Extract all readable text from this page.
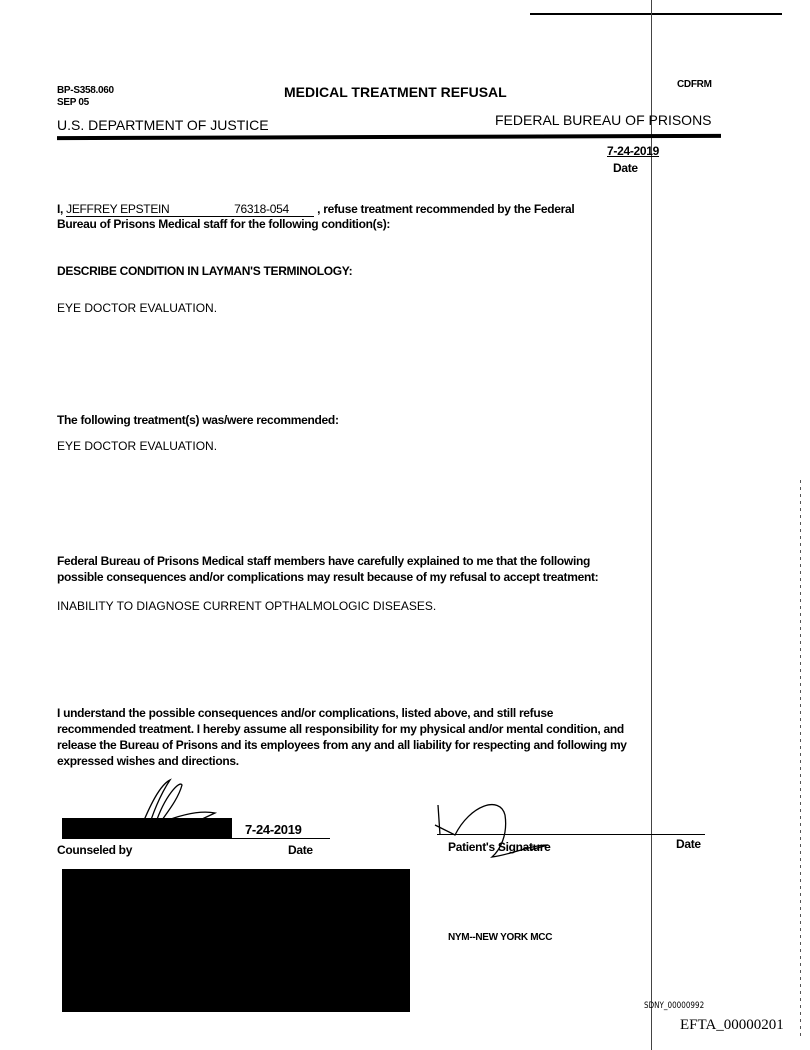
BP-S358.060
SEP 05
MEDICAL TREATMENT REFUSAL	CDFRM
U.S. DEPARTMENT OF JUSTICE	FEDERAL BUREAU OF PRISONS
7-24-2019
Date
I, JEFFREY EPSTEIN	76318-054 , refuse treatment recommended by the Federal
Bureau of Prisons Medical staff for the following condition(s):
DESCRIBE CONDITION IN LAYMAN'S TERMINOLOGY:
EYE DOCTOR EVALUATION.
The following treatment(s) was/were recommended:
EYE DOCTOR EVALUATION.
Federal Bureau of Prisons Medical staff members have carefully explained to me that the following
possible consequences and/or complications may result because of my refusal to accept treatment:
INABILITY TO DIAGNOSE CURRENT OPTHALMOLOGIC DISEASES.
I understand the possible consequences and/or complications, listed above, and still refuse
recommended treatment. I hereby assume all responsibility for my physical and/or mental condition, and
release the Bureau of Prisons and its employees from any and all liability for respecting and following my
expressed wishes and directions.
7-24-2019
Counseled by	Date	Patient's Signature	Date
NYM--NEW YORK MCC
SDNY_00000992
EFTA_00000201
